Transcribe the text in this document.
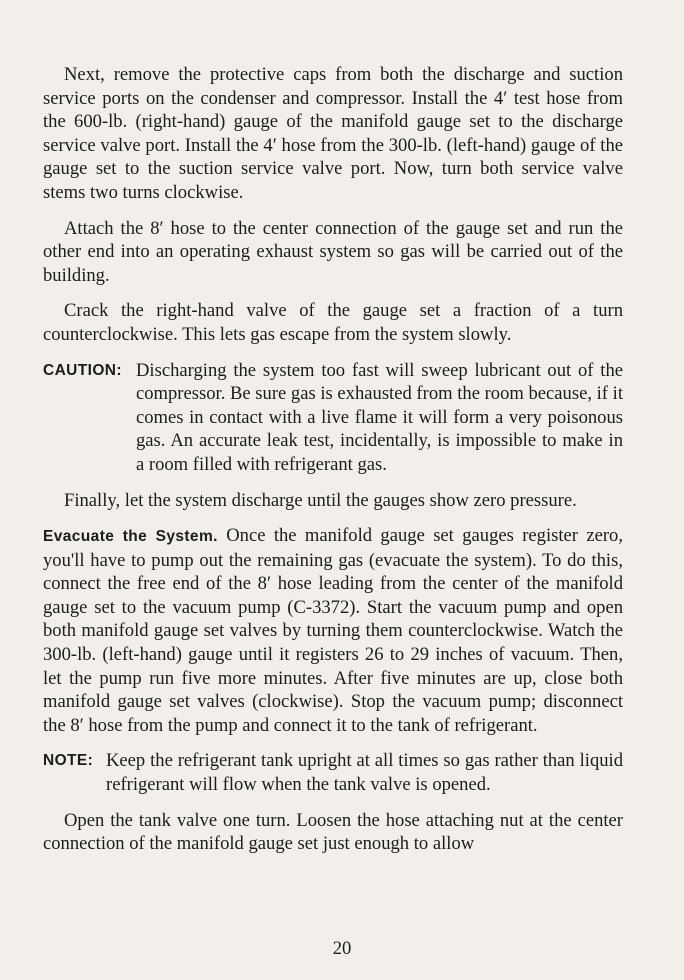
Next, remove the protective caps from both the discharge and suction service ports on the condenser and compressor. Install the 4′ test hose from the 600-lb. (right-hand) gauge of the manifold gauge set to the discharge service valve port. Install the 4′ hose from the 300-lb. (left-hand) gauge of the gauge set to the suction service valve port. Now, turn both service valve stems two turns clockwise.

Attach the 8′ hose to the center connection of the gauge set and run the other end into an operating exhaust system so gas will be carried out of the building.

Crack the right-hand valve of the gauge set a fraction of a turn counterclockwise. This lets gas escape from the system slowly.

CAUTION: Discharging the system too fast will sweep lubricant out of the compressor. Be sure gas is exhausted from the room because, if it comes in contact with a live flame it will form a very poisonous gas. An accurate leak test, incidentally, is impossible to make in a room filled with refrigerant gas.

Finally, let the system discharge until the gauges show zero pressure.

Evacuate the System. Once the manifold gauge set gauges register zero, you'll have to pump out the remaining gas (evacuate the system). To do this, connect the free end of the 8′ hose leading from the center of the manifold gauge set to the vacuum pump (C-3372). Start the vacuum pump and open both manifold gauge set valves by turning them counterclockwise. Watch the 300-lb. (left-hand) gauge until it registers 26 to 29 inches of vacuum. Then, let the pump run five more minutes. After five minutes are up, close both manifold gauge set valves (clockwise). Stop the vacuum pump; disconnect the 8′ hose from the pump and connect it to the tank of refrigerant.

NOTE: Keep the refrigerant tank upright at all times so gas rather than liquid refrigerant will flow when the tank valve is opened.

Open the tank valve one turn. Loosen the hose attaching nut at the center connection of the manifold gauge set just enough to allow

20
